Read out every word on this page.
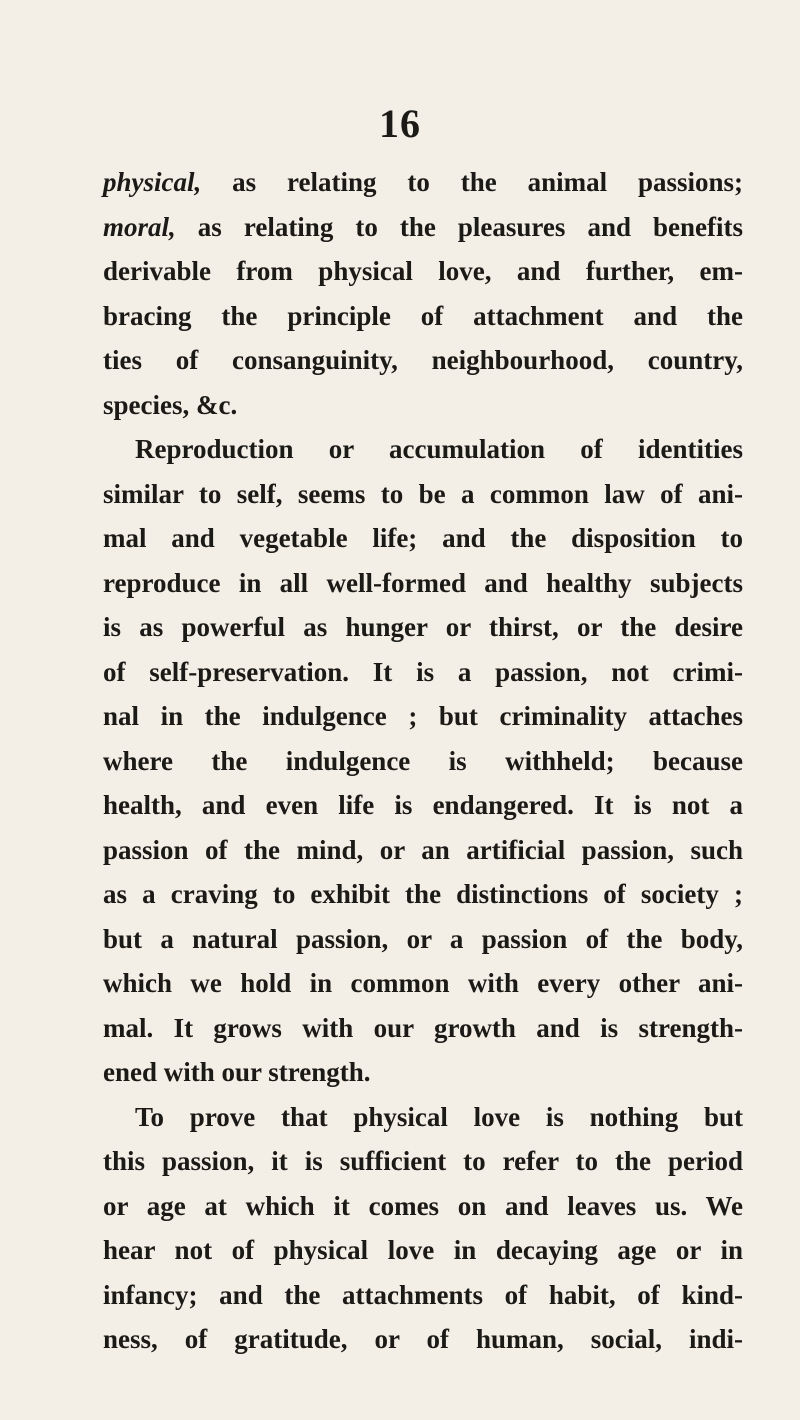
16
physical, as relating to the animal passions;
moral, as relating to the pleasures and benefits
derivable from physical love, and further, em-
bracing the principle of attachment and the
ties of consanguinity, neighbourhood, country,
species, &c.
Reproduction or accumulation of identities
similar to self, seems to be a common law of ani-
mal and vegetable life; and the disposition to
reproduce in all well-formed and healthy subjects
is as powerful as hunger or thirst, or the desire
of self-preservation. It is a passion, not crimi-
nal in the indulgence ; but criminality attaches
where the indulgence is withheld; because
health, and even life is endangered. It is not a
passion of the mind, or an artificial passion, such
as a craving to exhibit the distinctions of society ;
but a natural passion, or a passion of the body,
which we hold in common with every other ani-
mal. It grows with our growth and is strength-
ened with our strength.
To prove that physical love is nothing but
this passion, it is sufficient to refer to the period
or age at which it comes on and leaves us. We
hear not of physical love in decaying age or in
infancy; and the attachments of habit, of kind-
ness, of gratitude, or of human, social, indi-
